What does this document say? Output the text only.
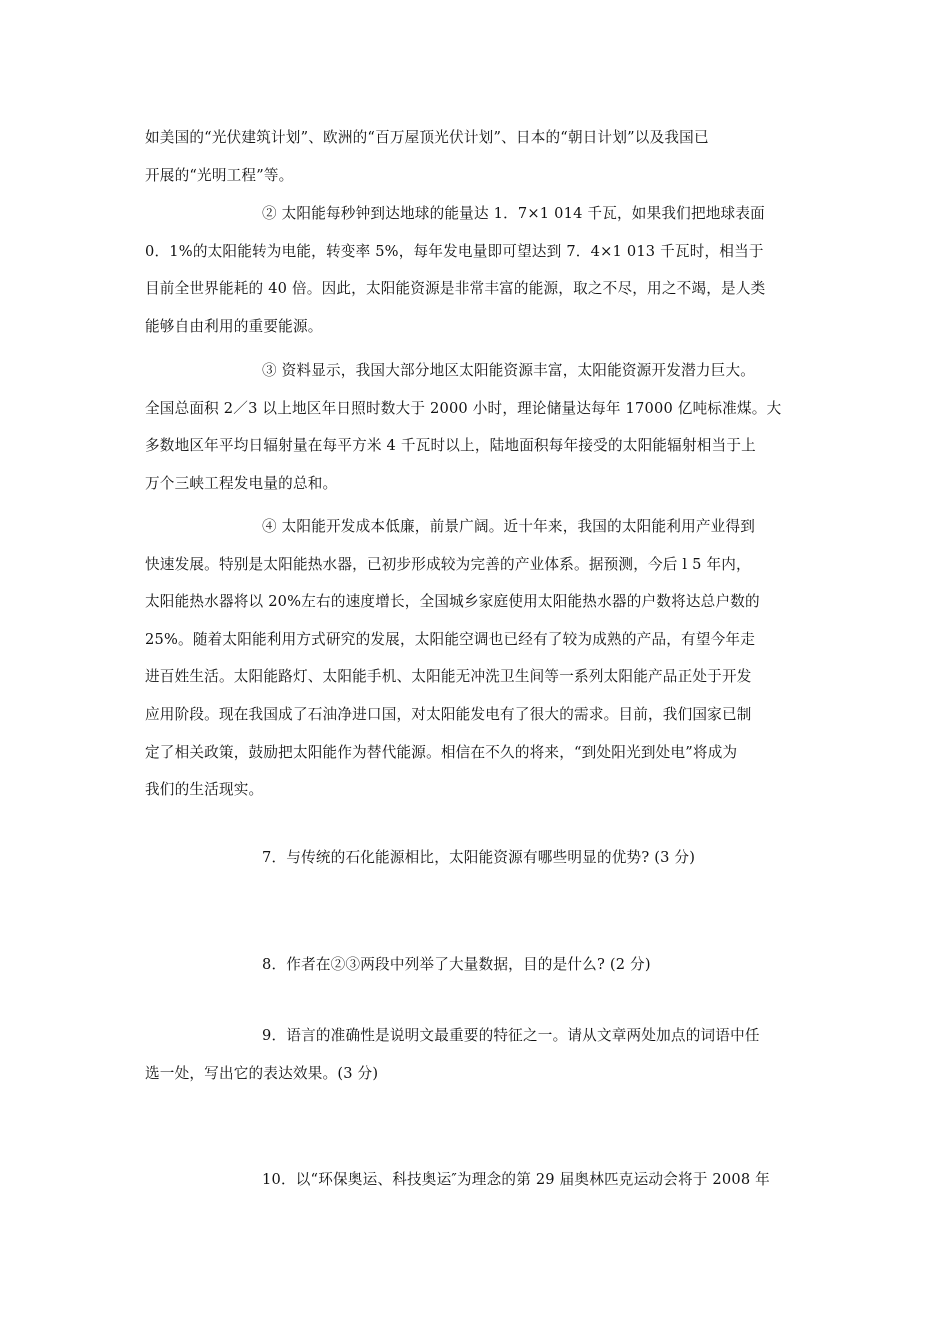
如美国的“光伏建筑计划”、欧洲的“百万屋顶光伏计划”、日本的“朝日计划”以及我国已
开展的“光明工程”等。
② 太阳能每秒钟到达地球的能量达 1．7×1 014 千瓦，如果我们把地球表面
0．1%的太阳能转为电能，转变率 5%，每年发电量即可望达到 7．4×1 013 千瓦时，相当于
目前全世界能耗的 40 倍。因此，太阳能资源是非常丰富的能源，取之不尽，用之不竭，是人类
能够自由利用的重要能源。
③ 资料显示，我国大部分地区太阳能资源丰富，太阳能资源开发潜力巨大。
全国总面积 2／3 以上地区年日照时数大于 2000 小时，理论储量达每年 17000 亿吨标准煤。大
多数地区年平均日辐射量在每平方米 4 千瓦时以上，陆地面积每年接受的太阳能辐射相当于上
万个三峡工程发电量的总和。
④ 太阳能开发成本低廉，前景广阔。近十年来，我国的太阳能利用产业得到
快速发展。特别是太阳能热水器，已初步形成较为完善的产业体系。据预测，今后 l 5 年内，
太阳能热水器将以 20%左右的速度增长，全国城乡家庭使用太阳能热水器的户数将达总户数的
25%。随着太阳能利用方式研究的发展，太阳能空调也已经有了较为成熟的产品，有望今年走
进百姓生活。太阳能路灯、太阳能手机、太阳能无冲洗卫生间等一系列太阳能产品正处于开发
应用阶段。现在我国成了石油净进口国，对太阳能发电有了很大的需求。目前，我们国家已制
定了相关政策，鼓励把太阳能作为替代能源。相信在不久的将来，“到处阳光到处电”将成为
我们的生活现实。
7．与传统的石化能源相比，太阳能资源有哪些明显的优势? (3 分)
8．作者在②③两段中列举了大量数据，目的是什么? (2 分)
9．语言的准确性是说明文最重要的特征之一。请从文章两处加点的词语中任
选一处，写出它的表达效果。(3 分)
10．以“环保奥运、科技奥运″为理念的第 29 届奥林匹克运动会将于 2008 年
